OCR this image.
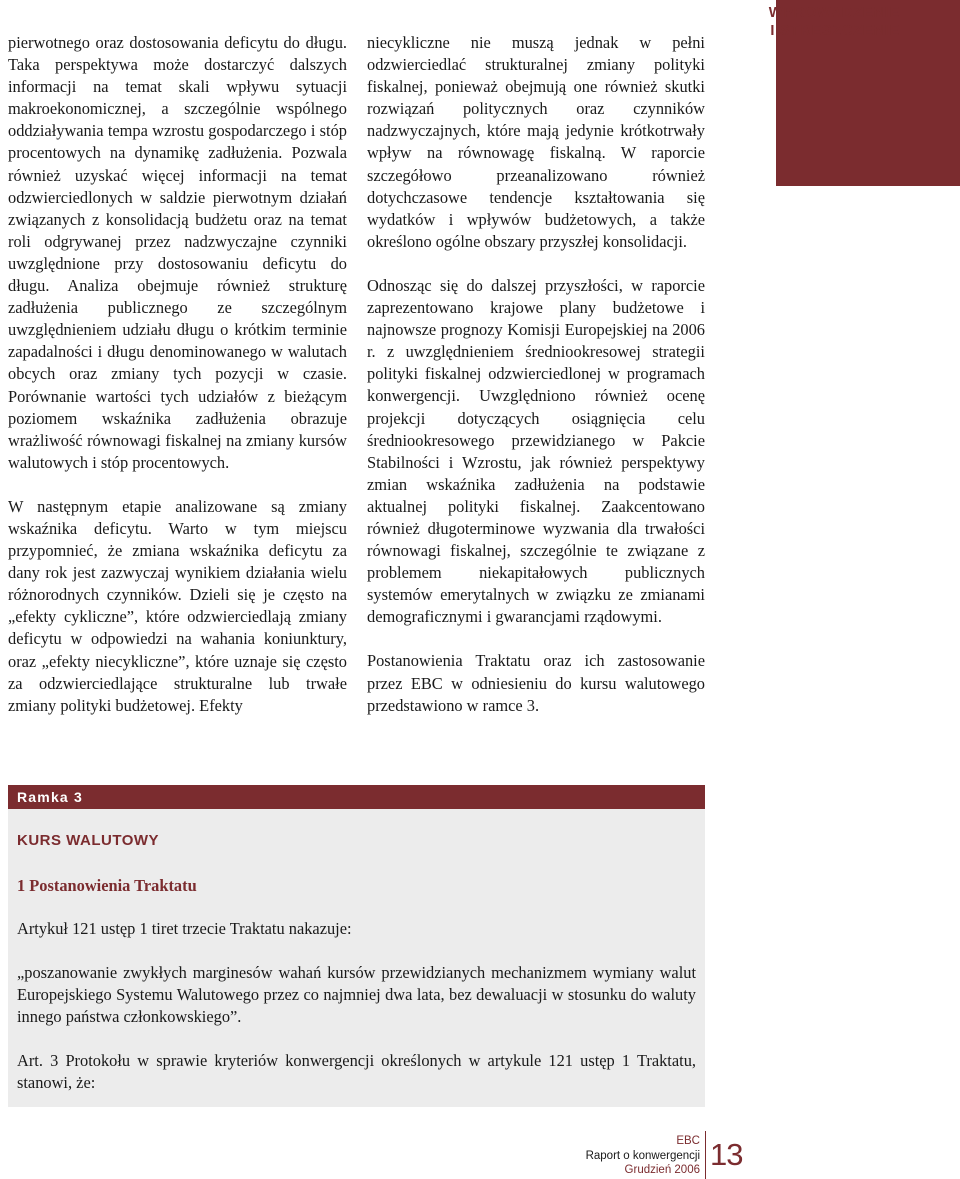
WPROWADZENIE
I STRESZCZENIE

pierwotnego oraz dostosowania deficytu do długu. Taka perspektywa może dostarczyć dalszych informacji na temat skali wpływu sytuacji makroekonomicznej, a szczególnie wspólnego oddziaływania tempa wzrostu gospodarczego i stóp procentowych na dynamikę zadłużenia. Pozwala również uzyskać więcej informacji na temat odzwierciedlonych w saldzie pierwotnym działań związanych z konsolidacją budżetu oraz na temat roli odgrywanej przez nadzwyczajne czynniki uwzględnione przy dostosowaniu deficytu do długu. Analiza obejmuje również strukturę zadłużenia publicznego ze szczególnym uwzględnieniem udziału długu o krótkim terminie zapadalności i długu denominowanego w walutach obcych oraz zmiany tych pozycji w czasie. Porównanie wartości tych udziałów z bieżącym poziomem wskaźnika zadłużenia obrazuje wrażliwość równowagi fiskalnej na zmiany kursów walutowych i stóp procentowych.

W następnym etapie analizowane są zmiany wskaźnika deficytu. Warto w tym miejscu przypomnieć, że zmiana wskaźnika deficytu za dany rok jest zazwyczaj wynikiem działania wielu różnorodnych czynników. Dzieli się je często na „efekty cykliczne”, które odzwierciedlają zmiany deficytu w odpowiedzi na wahania koniunktury, oraz „efekty niecykliczne”, które uznaje się często za odzwierciedlające strukturalne lub trwałe zmiany polityki budżetowej. Efekty

niecykliczne nie muszą jednak w pełni odzwierciedlać strukturalnej zmiany polityki fiskalnej, ponieważ obejmują one również skutki rozwiązań politycznych oraz czynników nadzwyczajnych, które mają jedynie krótkotrwały wpływ na równowagę fiskalną. W raporcie szczegółowo przeanalizowano również dotychczasowe tendencje kształtowania się wydatków i wpływów budżetowych, a także określono ogólne obszary przyszłej konsolidacji.

Odnosząc się do dalszej przyszłości, w raporcie zaprezentowano krajowe plany budżetowe i najnowsze prognozy Komisji Europejskiej na 2006 r. z uwzględnieniem średniookresowej strategii polityki fiskalnej odzwierciedlonej w programach konwergencji. Uwzględniono również ocenę projekcji dotyczących osiągnięcia celu średniookresowego przewidzianego w Pakcie Stabilności i Wzrostu, jak również perspektywy zmian wskaźnika zadłużenia na podstawie aktualnej polityki fiskalnej. Zaakcentowano również długoterminowe wyzwania dla trwałości równowagi fiskalnej, szczególnie te związane z problemem niekapitałowych publicznych systemów emerytalnych w związku ze zmianami demograficznymi i gwarancjami rządowymi.

Postanowienia Traktatu oraz ich zastosowanie przez EBC w odniesieniu do kursu walutowego przedstawiono w ramce 3.

Ramka 3
KURS WALUTOWY
1 Postanowienia Traktatu

Artykuł 121 ustęp 1 tiret trzecie Traktatu nakazuje:

„poszanowanie zwykłych marginesów wahań kursów przewidzianych mechanizmem wymiany walut Europejskiego Systemu Walutowego przez co najmniej dwa lata, bez dewaluacji w stosunku do waluty innego państwa członkowskiego”.

Art. 3 Protokołu w sprawie kryteriów konwergencji określonych w artykule 121 ustęp 1 Traktatu, stanowi, że:

EBC
Raport o konwergencji
Grudzień 2006 13
